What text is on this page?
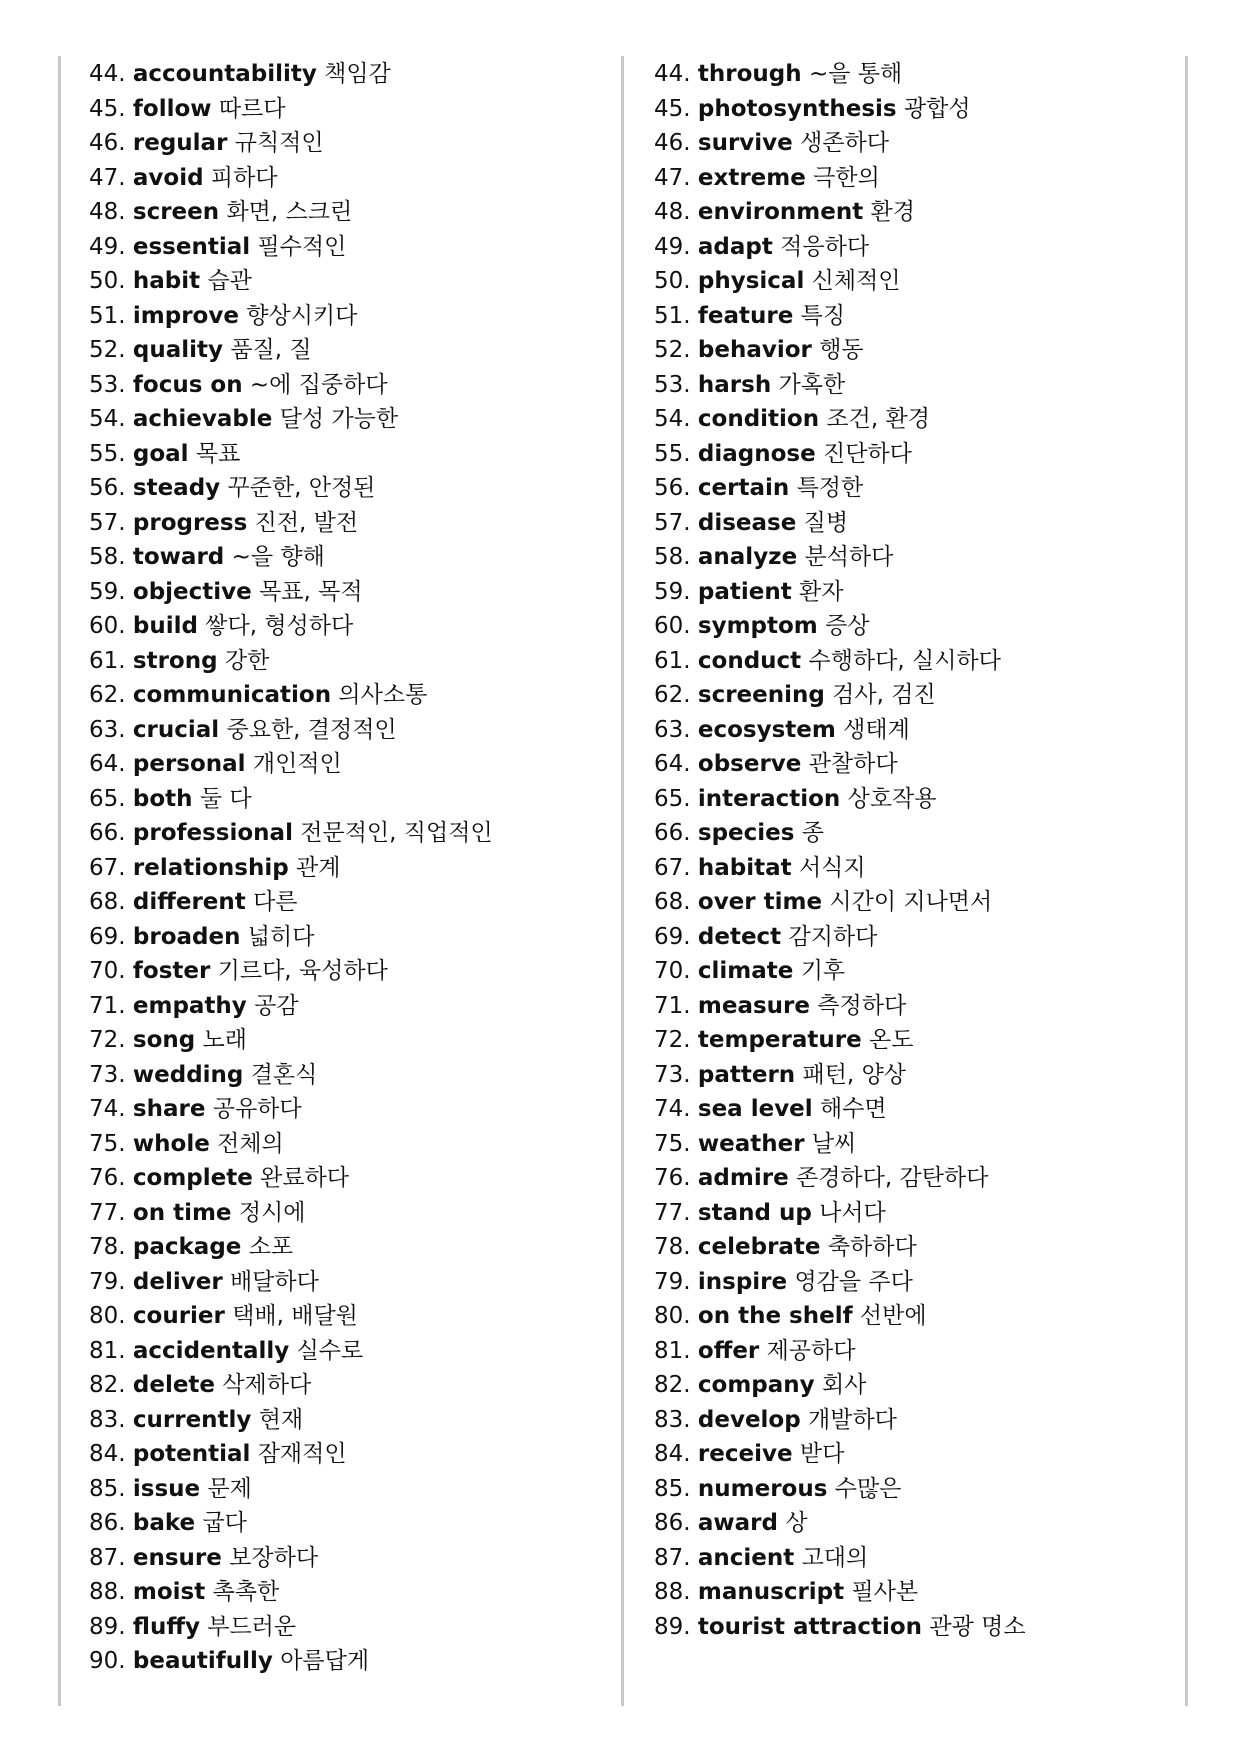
44. accountability 책임감
45. follow 따르다
46. regular 규칙적인
47. avoid 피하다
48. screen 화면, 스크린
49. essential 필수적인
50. habit 습관
51. improve 향상시키다
52. quality 품질, 질
53. focus on ~에 집중하다
54. achievable 달성 가능한
55. goal 목표
56. steady 꾸준한, 안정된
57. progress 진전, 발전
58. toward ~을 향해
59. objective 목표, 목적
60. build 쌓다, 형성하다
61. strong 강한
62. communication 의사소통
63. crucial 중요한, 결정적인
64. personal 개인적인
65. both 둘 다
66. professional 전문적인, 직업적인
67. relationship 관계
68. different 다른
69. broaden 넓히다
70. foster 기르다, 육성하다
71. empathy 공감
72. song 노래
73. wedding 결혼식
74. share 공유하다
75. whole 전체의
76. complete 완료하다
77. on time 정시에
78. package 소포
79. deliver 배달하다
80. courier 택배, 배달원
81. accidentally 실수로
82. delete 삭제하다
83. currently 현재
84. potential 잠재적인
85. issue 문제
86. bake 굽다
87. ensure 보장하다
88. moist 촉촉한
89. fluffy 부드러운
90. beautifully 아름답게
44. through ~을 통해
45. photosynthesis 광합성
46. survive 생존하다
47. extreme 극한의
48. environment 환경
49. adapt 적응하다
50. physical 신체적인
51. feature 특징
52. behavior 행동
53. harsh 가혹한
54. condition 조건, 환경
55. diagnose 진단하다
56. certain 특정한
57. disease 질병
58. analyze 분석하다
59. patient 환자
60. symptom 증상
61. conduct 수행하다, 실시하다
62. screening 검사, 검진
63. ecosystem 생태계
64. observe 관찰하다
65. interaction 상호작용
66. species 종
67. habitat 서식지
68. over time 시간이 지나면서
69. detect 감지하다
70. climate 기후
71. measure 측정하다
72. temperature 온도
73. pattern 패턴, 양상
74. sea level 해수면
75. weather 날씨
76. admire 존경하다, 감탄하다
77. stand up 나서다
78. celebrate 축하하다
79. inspire 영감을 주다
80. on the shelf 선반에
81. offer 제공하다
82. company 회사
83. develop 개발하다
84. receive 받다
85. numerous 수많은
86. award 상
87. ancient 고대의
88. manuscript 필사본
89. tourist attraction 관광 명소
